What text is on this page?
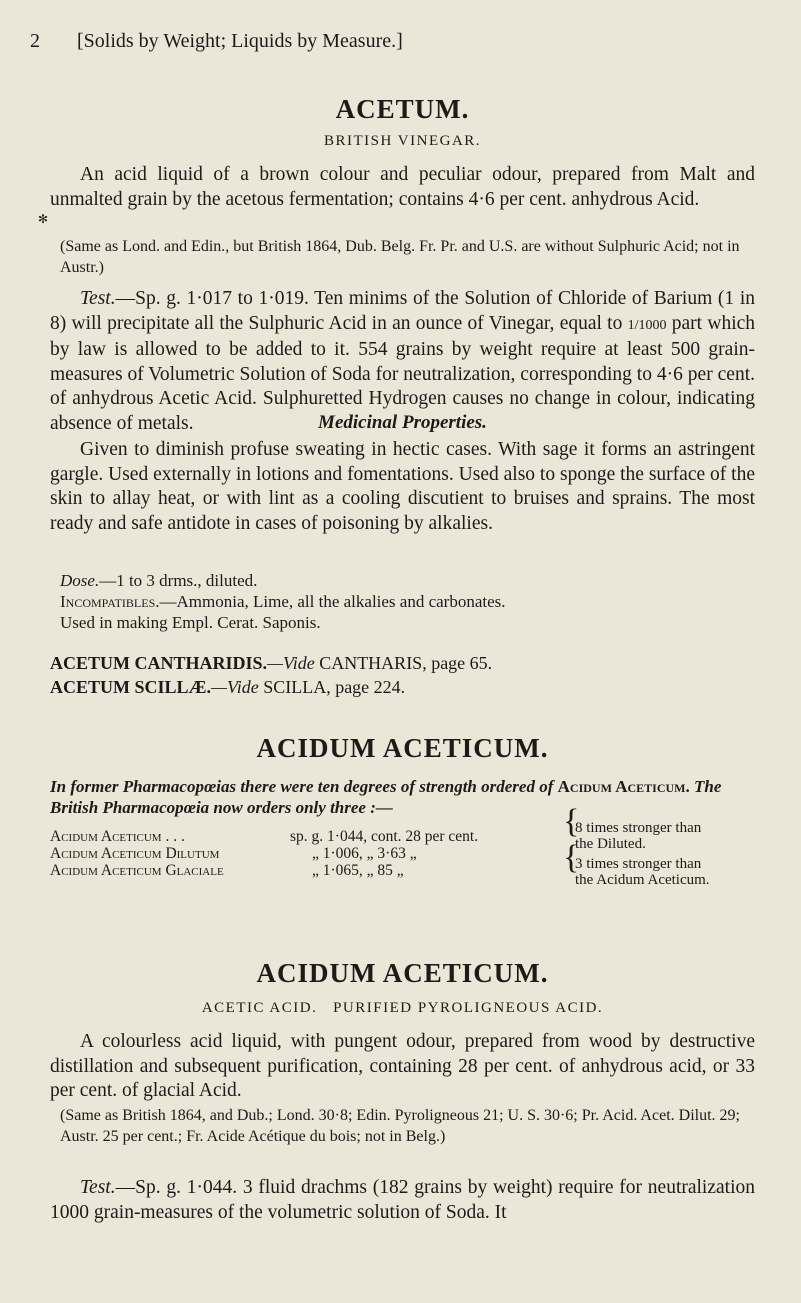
2 [Solids by Weight; Liquids by Measure.]
ACETUM.
BRITISH VINEGAR.

An acid liquid of a brown colour and peculiar odour, prepared from Malt and unmalted grain by the acetous fermentation; contains 4·6 per cent. anhydrous Acid.

✻

(Same as Lond. and Edin., but British 1864, Dub. Belg. Fr. Pr. and U.S. are without Sulphuric Acid; not in Austr.)

Test.—Sp. g. 1·017 to 1·019. Ten minims of the Solution of Chloride of Barium (1 in 8) will precipitate all the Sulphuric Acid in an ounce of Vinegar, equal to 1/1000 part which by law is allowed to be added to it. 554 grains by weight require at least 500 grain-measures of Volumetric Solution of Soda for neutralization, corresponding to 4·6 per cent. of anhydrous Acetic Acid. Sulphuretted Hydrogen causes no change in colour, indicating absence of metals.	Medicinal Properties.

Given to diminish profuse sweating in hectic cases. With sage it forms an astringent gargle. Used externally in lotions and fomentations. Used also to sponge the surface of the skin to allay heat, or with lint as a cooling discutient to bruises and sprains. The most ready and safe antidote in cases of poisoning by alkalies.

Dose.—1 to 3 drms., diluted.

Incompatibles.—Ammonia, Lime, all the alkalies and carbonates.

Used in making Empl. Cerat. Saponis.

ACETUM CANTHARIDIS.—Vide CANTHARIS, page 65.
ACETUM SCILLÆ.—Vide SCILLA, page 224.
ACIDUM ACETICUM.
In former Pharmacopœias there were ten degrees of strength ordered of Acidum Aceticum. The British Pharmacopœia now orders only three :—
Acidum Aceticum . . .	sp. g. 1·044, cont. 28 per cent.
Acidum Aceticum Dilutum	„ 1·006, „ 3·63 „
Acidum Aceticum Glaciale	„ 1·065, „ 85 „
{
8 times stronger than
the Diluted.
{
3 times stronger than
the Acidum Aceticum.
ACIDUM ACETICUM.
ACETIC ACID.   PURIFIED PYROLIGNEOUS ACID.

A colourless acid liquid, with pungent odour, prepared from wood by destructive distillation and subsequent purification, containing 28 per cent. of anhydrous acid, or 33 per cent. of glacial Acid.

(Same as British 1864, and Dub.; Lond. 30·8; Edin. Pyroligneous 21; U. S. 30·6; Pr. Acid. Acet. Dilut. 29; Austr. 25 per cent.; Fr. Acide Acétique du bois; not in Belg.)

Test.—Sp. g. 1·044. 3 fluid drachms (182 grains by weight) require for neutralization 1000 grain-measures of the volumetric solution of Soda. It
